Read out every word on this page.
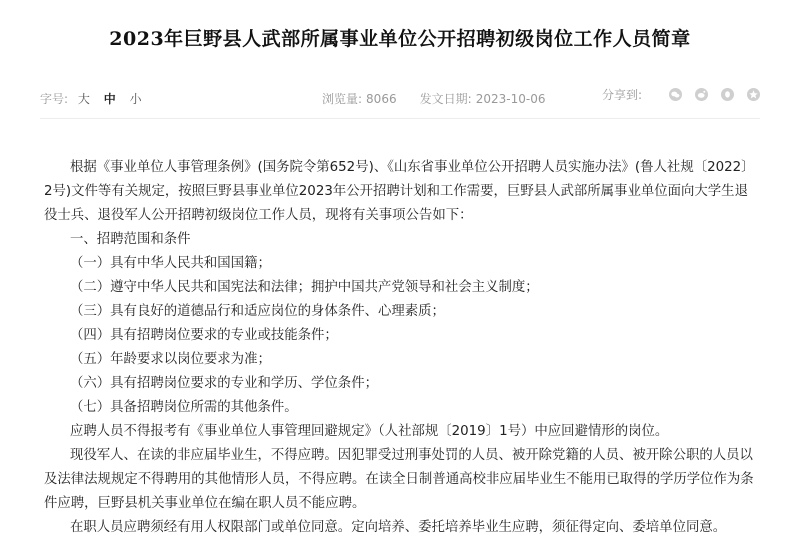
2023年巨野县人武部所属事业单位公开招聘初级岗位工作人员简章
字号: 大 中 小	浏览量: 8066 发文日期: 2023-10-06	分享到:

根据《事业单位人事管理条例》(国务院令第652号)、《山东省事业单位公开招聘人员实施办法》(鲁人社规〔2022〕2号)文件等有关规定，按照巨野县事业单位2023年公开招聘计划和工作需要，巨野县人武部所属事业单位面向大学生退役士兵、退役军人公开招聘初级岗位工作人员，现将有关事项公告如下：

一、招聘范围和条件

（一）具有中华人民共和国国籍；

（二）遵守中华人民共和国宪法和法律；拥护中国共产党领导和社会主义制度；

（三）具有良好的道德品行和适应岗位的身体条件、心理素质；

（四）具有招聘岗位要求的专业或技能条件；

（五）年龄要求以岗位要求为准；

（六）具有招聘岗位要求的专业和学历、学位条件；

（七）具备招聘岗位所需的其他条件。

应聘人员不得报考有《事业单位人事管理回避规定》（人社部规〔2019〕1号）中应回避情形的岗位。

现役军人、在读的非应届毕业生，不得应聘。因犯罪受过刑事处罚的人员、被开除党籍的人员、被开除公职的人员以及法律法规规定不得聘用的其他情形人员，不得应聘。在读全日制普通高校非应届毕业生不能用已取得的学历学位作为条件应聘，巨野县机关事业单位在编在职人员不能应聘。

在职人员应聘须经有用人权限部门或单位同意。定向培养、委托培养毕业生应聘，须征得定向、委培单位同意。
